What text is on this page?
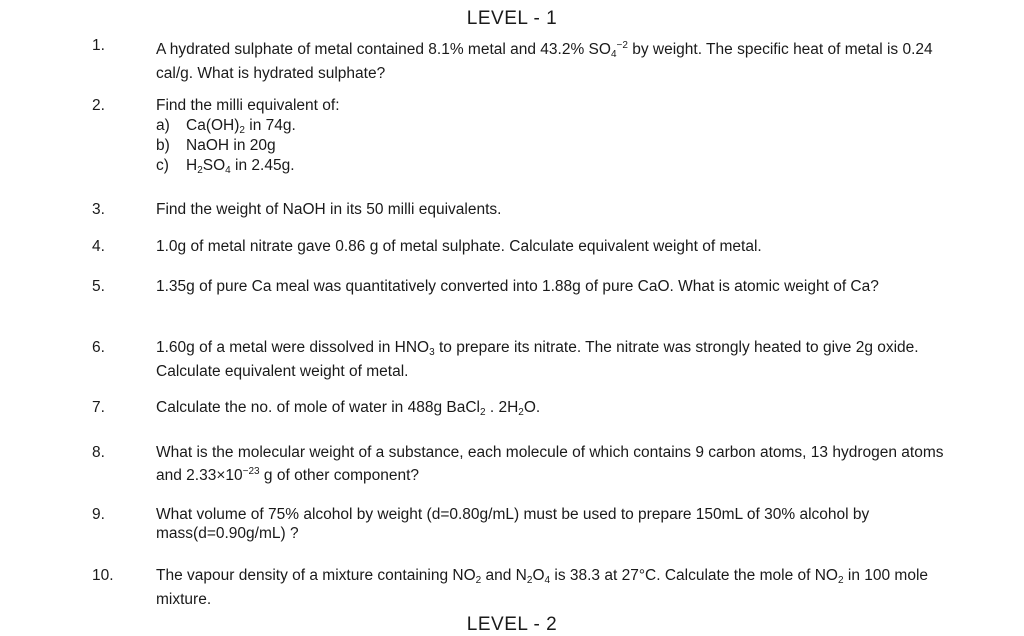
LEVEL - 1
1.	A hydrated sulphate of metal contained 8.1% metal and 43.2% $SO_4^{-2}$ by weight. The specific heat of metal is 0.24 cal/g. What is hydrated sulphate?
2.	Find the milli equivalent of:
a) $Ca(OH)_2$ in 74g.
b) NaOH in 20g
c) $H_2SO_4$ in 2.45g.
3.	Find the weight of NaOH in its 50 milli equivalents.
4.	1.0g of metal nitrate gave 0.86 g of metal sulphate. Calculate equivalent weight of metal.
5.	1.35g of pure Ca meal was quantitatively converted into 1.88g of pure CaO. What is atomic weight of Ca?
6.	1.60g of a metal were dissolved in $HNO_3$ to prepare its nitrate. The nitrate was strongly heated to give 2g oxide. Calculate equivalent weight of metal.
7.	Calculate the no. of mole of water in 488g BaCl$_2$ . $2H_2O$.
8.	What is the molecular weight of a substance, each molecule of which contains 9 carbon atoms, 13 hydrogen atoms and $2.33\times 10^{-23}$ g of other component?
9.	What volume of 75% alcohol by weight (d=0.80g/mL) must be used to prepare 150mL of 30% alcohol by mass(d=0.90g/mL) ?
10.	The vapour density of a mixture containing $NO_2$ and $N_2O_4$ is 38.3 at 27°C. Calculate the mole of $NO_2$ in 100 mole mixture.
LEVEL - 2
